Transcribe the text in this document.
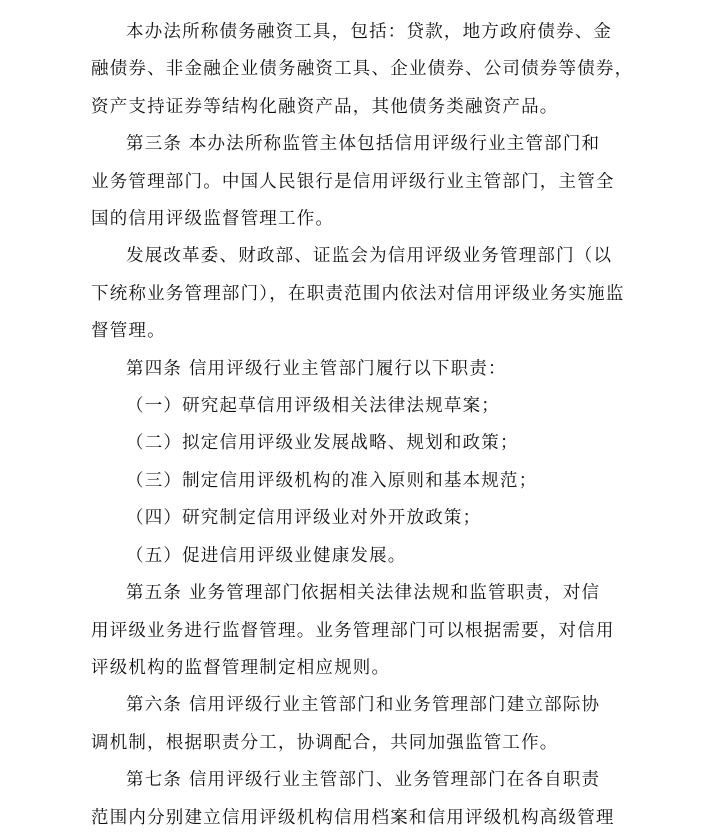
本办法所称债务融资工具，包括：贷款，地方政府债券、金
融债券、非金融企业债务融资工具、企业债券、公司债券等债券，
资产支持证券等结构化融资产品，其他债务类融资产品。
第三条 本办法所称监管主体包括信用评级行业主管部门和
业务管理部门。中国人民银行是信用评级行业主管部门，主管全
国的信用评级监督管理工作。
发展改革委、财政部、证监会为信用评级业务管理部门（以
下统称业务管理部门），在职责范围内依法对信用评级业务实施监
督管理。
第四条 信用评级行业主管部门履行以下职责：
（一）研究起草信用评级相关法律法规草案；
（二）拟定信用评级业发展战略、规划和政策；
（三）制定信用评级机构的准入原则和基本规范；
（四）研究制定信用评级业对外开放政策；
（五）促进信用评级业健康发展。
第五条 业务管理部门依据相关法律法规和监管职责，对信
用评级业务进行监督管理。业务管理部门可以根据需要，对信用
评级机构的监督管理制定相应规则。
第六条 信用评级行业主管部门和业务管理部门建立部际协
调机制，根据职责分工，协调配合，共同加强监管工作。
第七条 信用评级行业主管部门、业务管理部门在各自职责
范围内分别建立信用评级机构信用档案和信用评级机构高级管理
